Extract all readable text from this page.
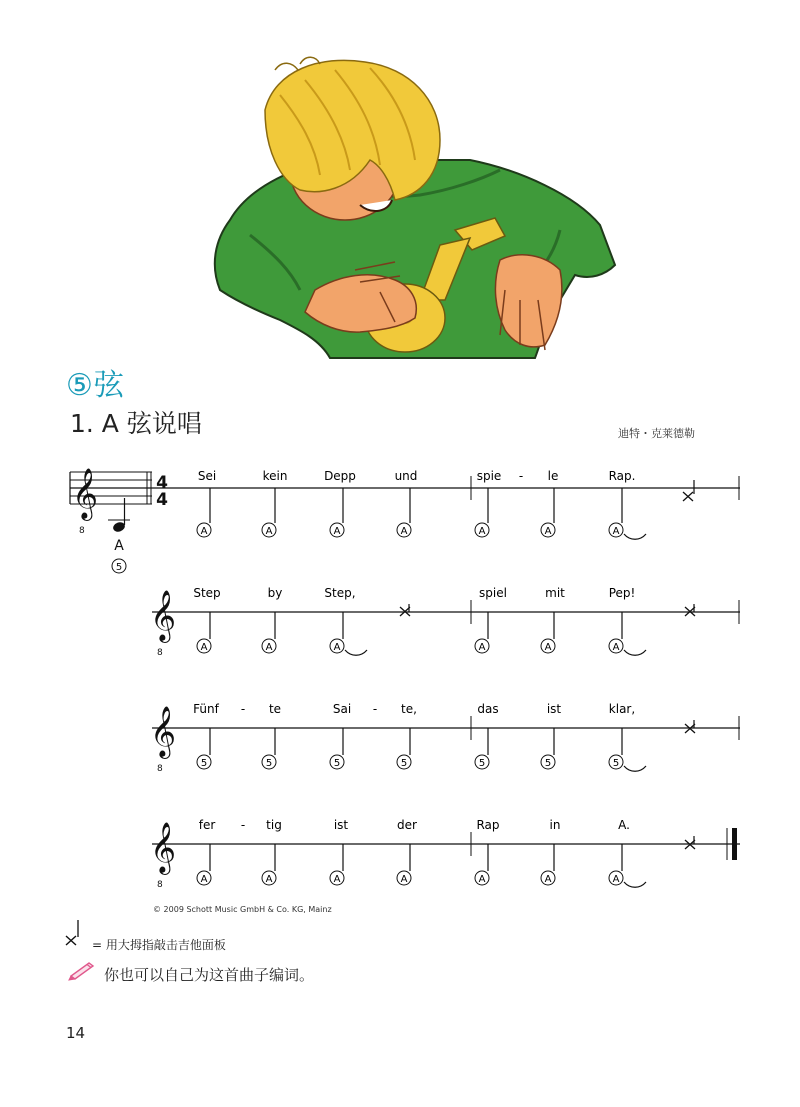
⑤弦
1. A 弦说唱	迪特・克莱德勒
𝄞
8
A
5
4
4
Sei	kein	Depp	und	spie - le	Rap.
A	A	A	A	A	A	A
𝄞
8
Step	by	Step,	spiel	mit	Pep!
A	A	A	A	A	A
𝄞
8
Fünf - te	Sai - te,	das	ist	klar,
5	5	5	5	5	5	5
𝄞
8
fer - tig	ist	der	Rap	in	A.
A	A	A	A	A	A	A
© 2009 Schott Music GmbH & Co. KG, Mainz
= 用大拇指敲击吉他面板
你也可以自己为这首曲子编词。
14
